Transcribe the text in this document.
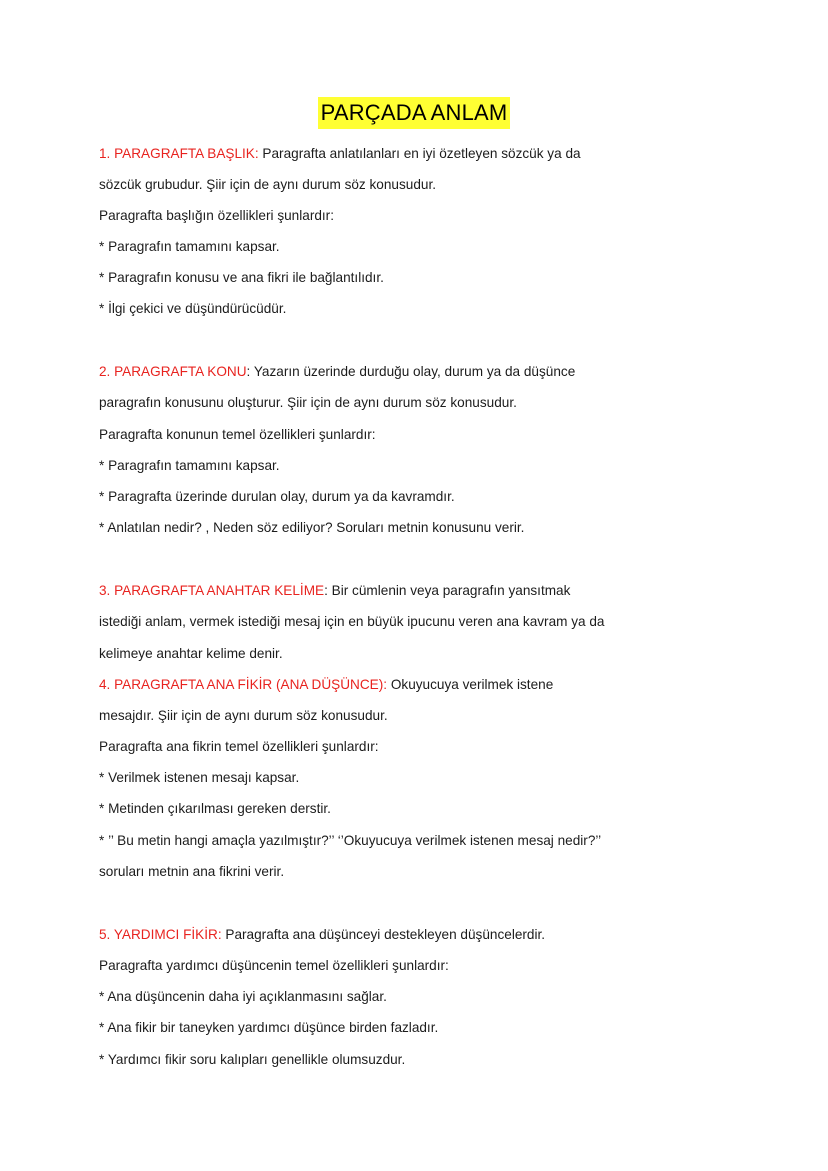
PARÇADA ANLAM
1. PARAGRAFTA BAŞLIK: Paragrafta anlatılanları en iyi özetleyen sözcük ya da
sözcük grubudur. Şiir için de aynı durum söz konusudur.
Paragrafta başlığın özellikleri şunlardır:
* Paragrafın tamamını kapsar.
* Paragrafın konusu ve ana fikri ile bağlantılıdır.
* İlgi çekici ve düşündürücüdür.
2. PARAGRAFTA KONU: Yazarın üzerinde durduğu olay, durum ya da düşünce
paragrafın konusunu oluşturur. Şiir için de aynı durum söz konusudur.
Paragrafta konunun temel özellikleri şunlardır:
* Paragrafın tamamını kapsar.
* Paragrafta üzerinde durulan olay, durum ya da kavramdır.
* Anlatılan nedir? , Neden söz ediliyor? Soruları metnin konusunu verir.
3. PARAGRAFTA ANAHTAR KELİME: Bir cümlenin veya paragrafın yansıtmak
istediği anlam, vermek istediği mesaj için en büyük ipucunu veren ana kavram ya da
kelimeye anahtar kelime denir.
4. PARAGRAFTA ANA FİKİR (ANA DÜŞÜNCE): Okuyucuya verilmek istene
mesajdır. Şiir için de aynı durum söz konusudur.
Paragrafta ana fikrin temel özellikleri şunlardır:
* Verilmek istenen mesajı kapsar.
* Metinden çıkarılması gereken derstir.
* ’’ Bu metin hangi amaçla yazılmıştır?’’ ‘’Okuyucuya verilmek istenen mesaj nedir?’’
soruları metnin ana fikrini verir.
5. YARDIMCI FİKİR: Paragrafta ana düşünceyi destekleyen düşüncelerdir.
Paragrafta yardımcı düşüncenin temel özellikleri şunlardır:
* Ana düşüncenin daha iyi açıklanmasını sağlar.
* Ana fikir bir taneyken yardımcı düşünce birden fazladır.
* Yardımcı fikir soru kalıpları genellikle olumsuzdur.
